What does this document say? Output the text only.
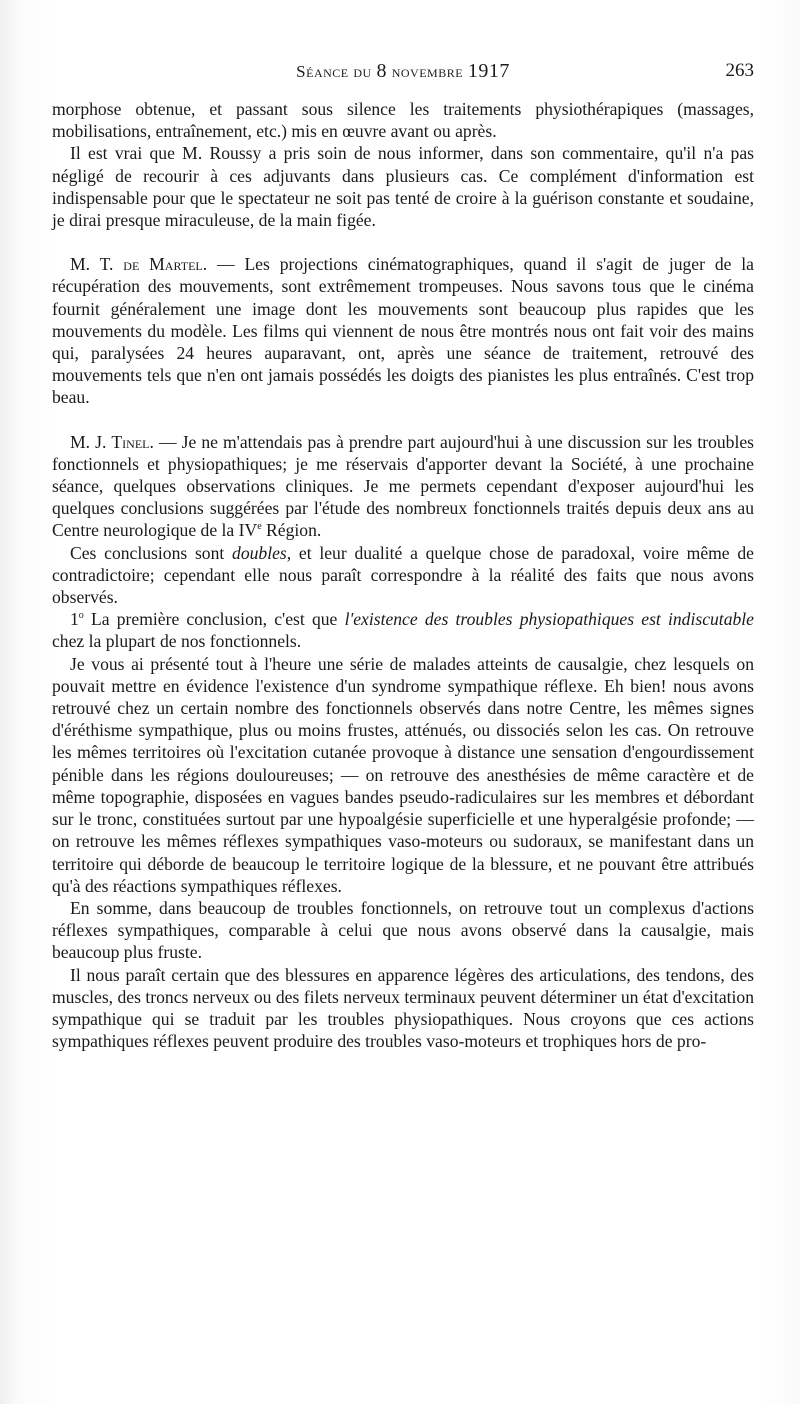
Séance du 8 novembre 1917	263

morphose obtenue, et passant sous silence les traitements physiothérapiques (massages, mobilisations, entraînement, etc.) mis en œuvre avant ou après.

Il est vrai que M. Roussy a pris soin de nous informer, dans son commentaire, qu'il n'a pas négligé de recourir à ces adjuvants dans plusieurs cas. Ce complément d'information est indispensable pour que le spectateur ne soit pas tenté de croire à la guérison constante et soudaine, je dirai presque miraculeuse, de la main figée.

M. T. de Martel. — Les projections cinématographiques, quand il s'agit de juger de la récupération des mouvements, sont extrêmement trompeuses. Nous savons tous que le cinéma fournit généralement une image dont les mouvements sont beaucoup plus rapides que les mouvements du modèle. Les films qui viennent de nous être montrés nous ont fait voir des mains qui, paralysées 24 heures auparavant, ont, après une séance de traitement, retrouvé des mouvements tels que n'en ont jamais possédés les doigts des pianistes les plus entraînés. C'est trop beau.

M. J. Tinel. — Je ne m'attendais pas à prendre part aujourd'hui à une discussion sur les troubles fonctionnels et physiopathiques; je me réservais d'apporter devant la Société, à une prochaine séance, quelques observations cliniques. Je me permets cependant d'exposer aujourd'hui les quelques conclusions suggérées par l'étude des nombreux fonctionnels traités depuis deux ans au Centre neurologique de la IVe Région.

Ces conclusions sont doubles, et leur dualité a quelque chose de paradoxal, voire même de contradictoire; cependant elle nous paraît correspondre à la réalité des faits que nous avons observés.

1$^o$ La première conclusion, c'est que l'existence des troubles physiopathiques est indiscutable chez la plupart de nos fonctionnels.

Je vous ai présenté tout à l'heure une série de malades atteints de causalgie, chez lesquels on pouvait mettre en évidence l'existence d'un syndrome sympathique réflexe. Eh bien! nous avons retrouvé chez un certain nombre des fonctionnels observés dans notre Centre, les mêmes signes d'éréthisme sympathique, plus ou moins frustes, atténués, ou dissociés selon les cas. On retrouve les mêmes territoires où l'excitation cutanée provoque à distance une sensation d'engourdissement pénible dans les régions douloureuses; — on retrouve des anesthésies de même caractère et de même topographie, disposées en vagues bandes pseudo-radiculaires sur les membres et débordant sur le tronc, constituées surtout par une hypoalgésie superficielle et une hyperalgésie profonde; — on retrouve les mêmes réflexes sympathiques vaso-moteurs ou sudoraux, se manifestant dans un territoire qui déborde de beaucoup le territoire logique de la blessure, et ne pouvant être attribués qu'à des réactions sympathiques réflexes.

En somme, dans beaucoup de troubles fonctionnels, on retrouve tout un complexus d'actions réflexes sympathiques, comparable à celui que nous avons observé dans la causalgie, mais beaucoup plus fruste.

Il nous paraît certain que des blessures en apparence légères des articulations, des tendons, des muscles, des troncs nerveux ou des filets nerveux terminaux peuvent déterminer un état d'excitation sympathique qui se traduit par les troubles physiopathiques. Nous croyons que ces actions sympathiques réflexes peuvent produire des troubles vaso-moteurs et trophiques hors de pro-
